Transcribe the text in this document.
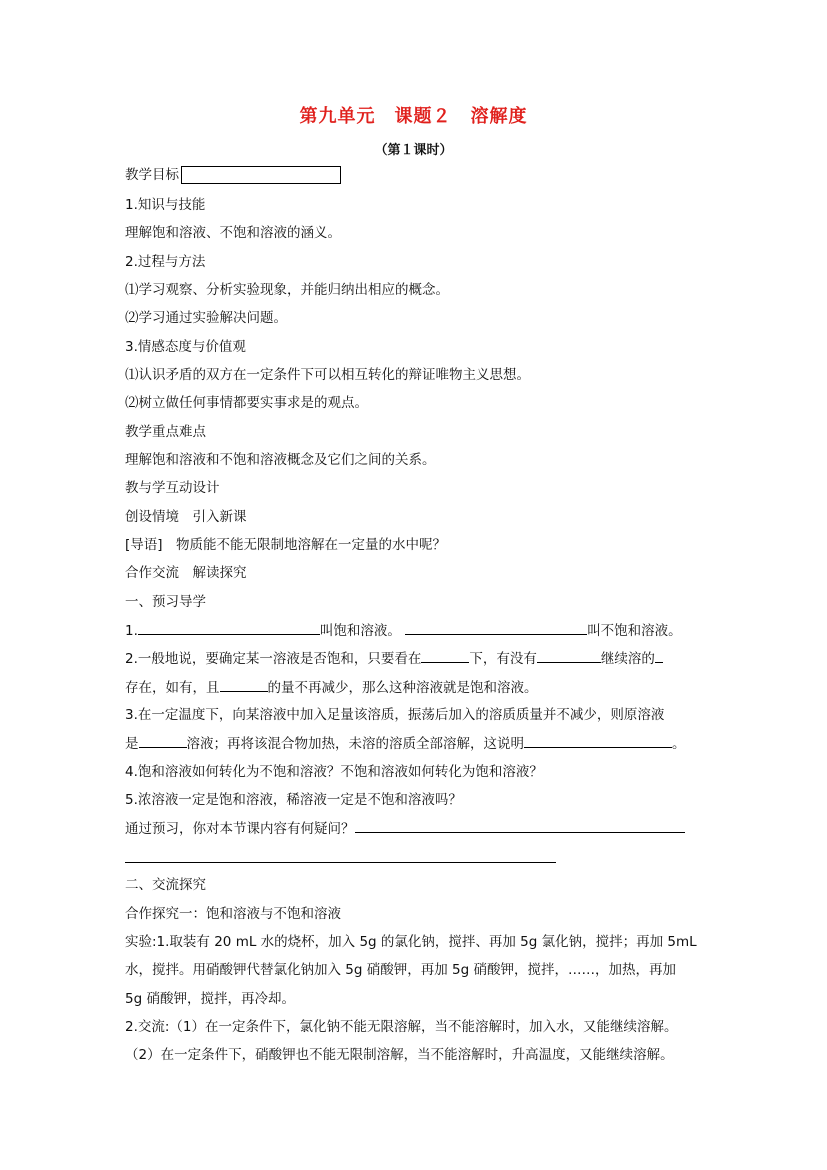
第九单元　课题２　溶解度
（第１课时）
教学目标
1.知识与技能
理解饱和溶液、不饱和溶液的涵义。
2.过程与方法
⑴学习观察、分析实验现象，并能归纳出相应的概念。
⑵学习通过实验解决问题。
3.情感态度与价值观
⑴认识矛盾的双方在一定条件下可以相互转化的辩证唯物主义思想。
⑵树立做任何事情都要实事求是的观点。
教学重点难点
理解饱和溶液和不饱和溶液概念及它们之间的关系。
教与学互动设计
创设情境　引入新课
[导语]　物质能不能无限制地溶解在一定量的水中呢？
合作交流　解读探究
一、预习导学
1.	叫饱和溶液。	叫不饱和溶液。
2.一般地说，要确定某一溶液是否饱和，只要看在	下，有没有	继续溶的
存在，如有，且	的量不再减少，那么这种溶液就是饱和溶液。
3.在一定温度下，向某溶液中加入足量该溶质，振荡后加入的溶质质量并不减少，则原溶液
是	溶液；再将该混合物加热，未溶的溶质全部溶解，这说明	。
4.饱和溶液如何转化为不饱和溶液？不饱和溶液如何转化为饱和溶液？
5.浓溶液一定是饱和溶液，稀溶液一定是不饱和溶液吗？
通过预习，你对本节课内容有何疑问？
二、交流探究
合作探究一：饱和溶液与不饱和溶液
实验:1.取装有 20 mL 水的烧杯，加入 5g 的氯化钠，搅拌、再加 5g 氯化钠，搅拌；再加 5mL
水，搅拌。用硝酸钾代替氯化钠加入 5g 硝酸钾，再加 5g 硝酸钾，搅拌，……，加热，再加
5g 硝酸钾，搅拌，再冷却。
2.交流:（1）在一定条件下，氯化钠不能无限溶解，当不能溶解时，加入水，又能继续溶解。
（2）在一定条件下，硝酸钾也不能无限制溶解，当不能溶解时，升高温度，又能继续溶解。
